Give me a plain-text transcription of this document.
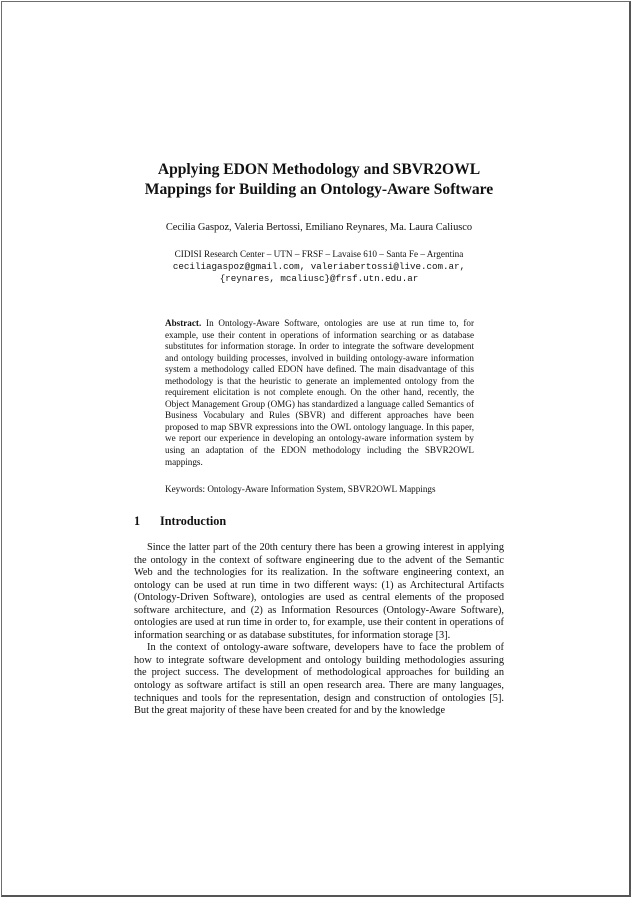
Applying EDON Methodology and SBVR2OWL
Mappings for Building an Ontology-Aware Software
Cecilia Gaspoz, Valeria Bertossi, Emiliano Reynares, Ma. Laura Caliusco
CIDISI Research Center – UTN – FRSF – Lavaise 610 – Santa Fe – Argentina
ceciliagaspoz@gmail.com, valeriabertossi@live.com.ar,
{reynares, mcaliusc}@frsf.utn.edu.ar
Abstract. In Ontology-Aware Software, ontologies are use at run time to, for example, use their content in operations of information searching or as database substitutes for information storage. In order to integrate the software development and ontology building processes, involved in building ontology-aware information system a methodology called EDON have defined. The main disadvantage of this methodology is that the heuristic to generate an implemented ontology from the requirement elicitation is not complete enough. On the other hand, recently, the Object Management Group (OMG) has standardized a language called Semantics of Business Vocabulary and Rules (SBVR) and different approaches have been proposed to map SBVR expressions into the OWL ontology language. In this paper, we report our experience in developing an ontology-aware information system by using an adaptation of the EDON methodology including the SBVR2OWL mappings.
Keywords: Ontology-Aware Information System, SBVR2OWL Mappings
1 Introduction

Since the latter part of the 20th century there has been a growing interest in applying the ontology in the context of software engineering due to the advent of the Semantic Web and the technologies for its realization. In the software engineering context, an ontology can be used at run time in two different ways: (1) as Architectural Artifacts (Ontology-Driven Software), ontologies are used as central elements of the proposed software architecture, and (2) as Information Resources (Ontology-Aware Software), ontologies are used at run time in order to, for example, use their content in operations of information searching or as database substitutes, for information storage [3].

In the context of ontology-aware software, developers have to face the problem of how to integrate software development and ontology building methodologies assuring the project success. The development of methodological approaches for building an ontology as software artifact is still an open research area. There are many languages, techniques and tools for the representation, design and construction of ontologies [5]. But the great majority of these have been created for and by the knowledge
